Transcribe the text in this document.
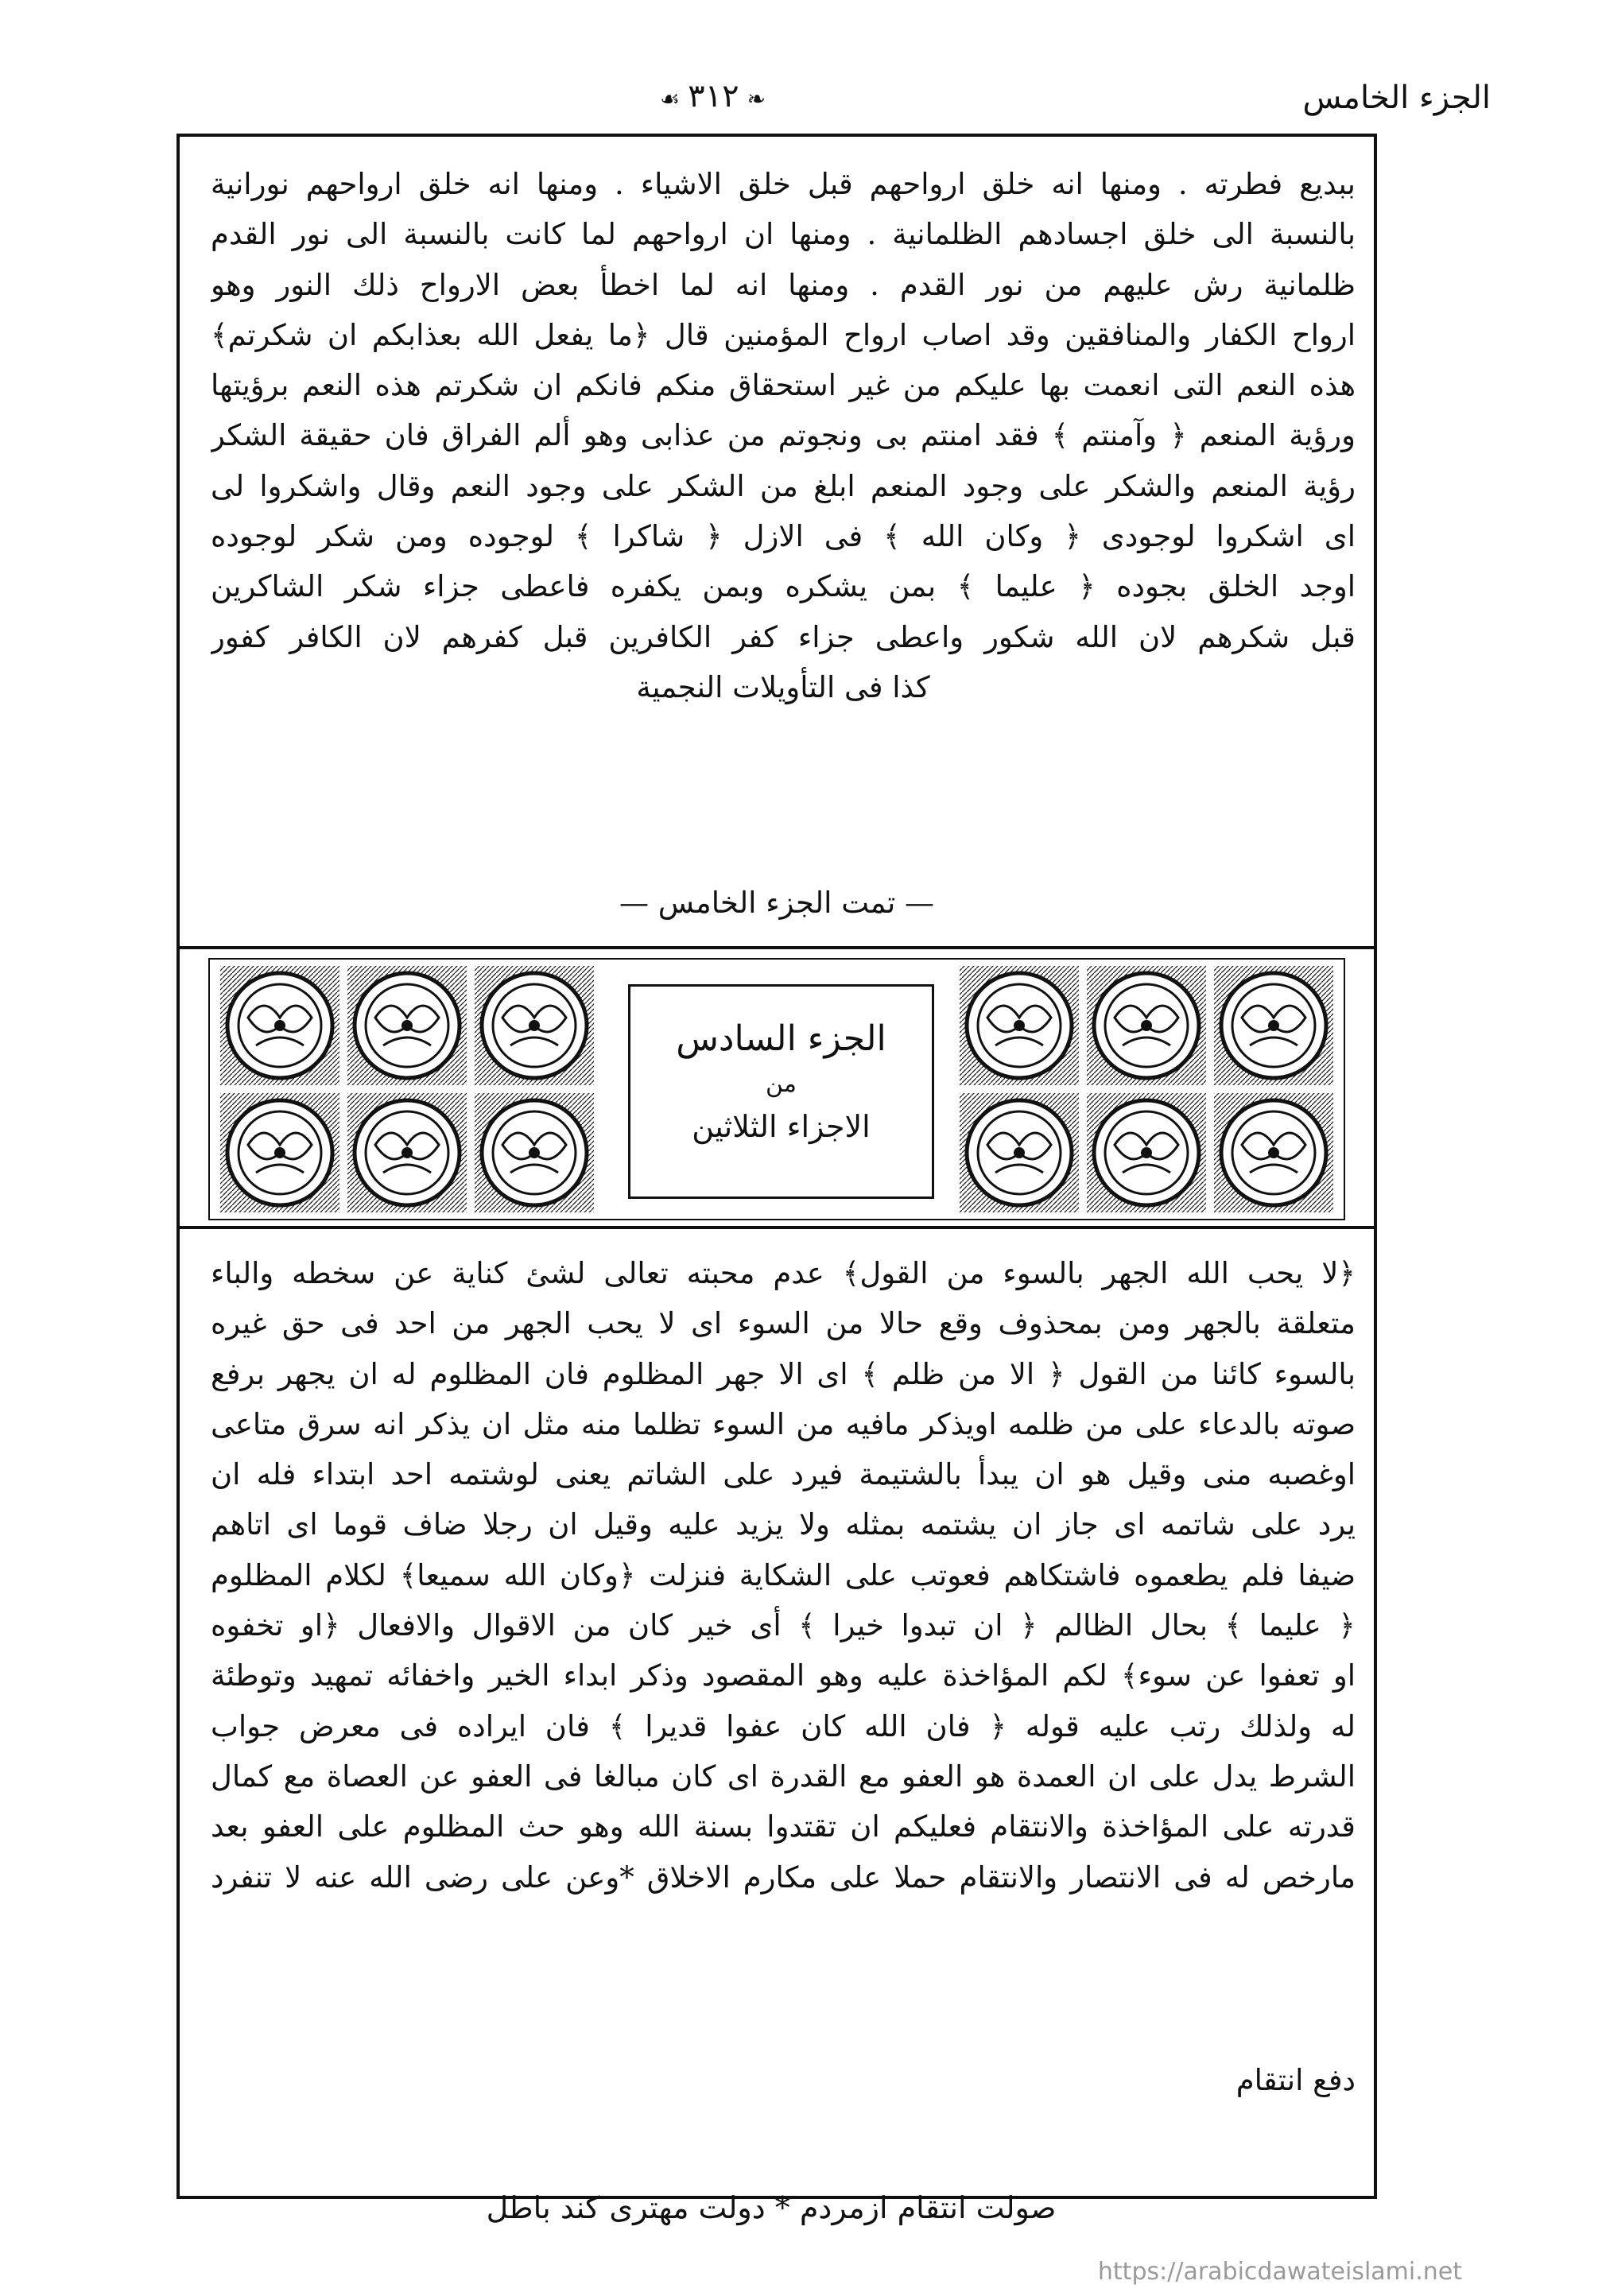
الجزء الخامس
❧٣١٢☙
ببديع فطرته . ومنها انه خلق ارواحهم قبل خلق الاشياء . ومنها انه خلق ارواحهم نورانية
بالنسبة الى خلق اجسادهم الظلمانية . ومنها ان ارواحهم لما كانت بالنسبة الى نور القدم
ظلمانية رش عليهم من نور القدم . ومنها انه لما اخطأ بعض الارواح ذلك النور وهو
ارواح الكفار والمنافقين وقد اصاب ارواح المؤمنين قال ﴿ما يفعل الله بعذابكم ان شكرتم﴾
هذه النعم التى انعمت بها عليكم من غير استحقاق منكم فانكم ان شكرتم هذه النعم برؤيتها
ورؤية المنعم ﴿ وآمنتم ﴾ فقد امنتم بى ونجوتم من عذابى وهو ألم الفراق فان حقيقة الشكر
رؤية المنعم والشكر على وجود المنعم ابلغ من الشكر على وجود النعم وقال واشكروا لى
اى اشكروا لوجودى ﴿ وكان الله ﴾ فى الازل ﴿ شاكرا ﴾ لوجوده ومن شكر لوجوده
اوجد الخلق بجوده ﴿ عليما ﴾ بمن يشكره وبمن يكفره فاعطى جزاء شكر الشاكرين
قبل شكرهم لان الله شكور واعطى جزاء كفر الكافرين قبل كفرهم لان الكافر كفور
كذا فى التأويلات النجمية
— تمت الجزء الخامس —
الجزء السادس
من
الاجزاء الثلاثين
﴿لا يحب الله الجهر بالسوء من القول﴾ عدم محبته تعالى لشئ كناية عن سخطه والباء
متعلقة بالجهر ومن بمحذوف وقع حالا من السوء اى لا يحب الجهر من احد فى حق غيره
بالسوء كائنا من القول ﴿ الا من ظلم ﴾ اى الا جهر المظلوم فان المظلوم له ان يجهر برفع
صوته بالدعاء على من ظلمه اويذكر مافيه من السوء تظلما منه مثل ان يذكر انه سرق متاعى
اوغصبه منى وقيل هو ان يبدأ بالشتيمة فيرد على الشاتم يعنى لوشتمه احد ابتداء فله ان
يرد على شاتمه اى جاز ان يشتمه بمثله ولا يزيد عليه وقيل ان رجلا ضاف قوما اى اتاهم
ضيفا فلم يطعموه فاشتكاهم فعوتب على الشكاية فنزلت ﴿وكان الله سميعا﴾ لكلام المظلوم
﴿ عليما ﴾ بحال الظالم ﴿ ان تبدوا خيرا ﴾ أى خير كان من الاقوال والافعال ﴿او تخفوه
او تعفوا عن سوء﴾ لكم المؤاخذة عليه وهو المقصود وذكر ابداء الخير واخفائه تمهيد وتوطئة
له ولذلك رتب عليه قوله ﴿ فان الله كان عفوا قديرا ﴾ فان ايراده فى معرض جواب
الشرط يدل على ان العمدة هو العفو مع القدرة اى كان مبالغا فى العفو عن العصاة مع كمال
قدرته على المؤاخذة والانتقام فعليكم ان تقتدوا بسنة الله وهو حث المظلوم على العفو بعد
مارخص له فى الانتصار والانتقام حملا على مكارم الاخلاق *وعن على رضى الله عنه لا تنفرد
دفع انتقام
صولت انتقام ازمردم * دولت مهترى كند باطل
https://arabicdawateislami.net
